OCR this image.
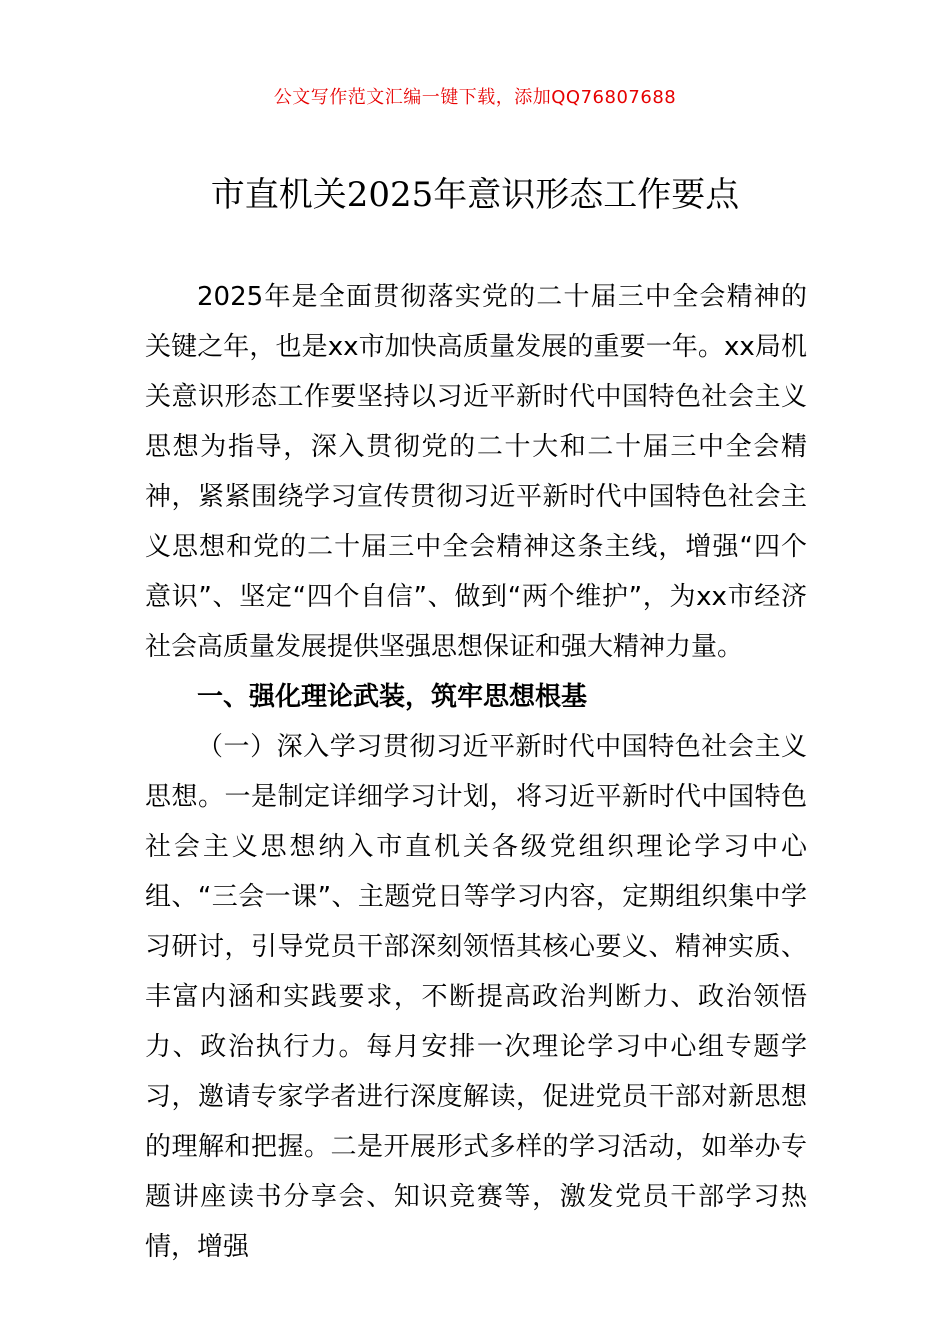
公文写作范文汇编一键下载，添加QQ76807688
市直机关2025年意识形态工作要点

2025年是全面贯彻落实党的二十届三中全会精神的关键之年，也是xx市加快高质量发展的重要一年。xx局机关意识形态工作要坚持以习近平新时代中国特色社会主义思想为指导，深入贯彻党的二十大和二十届三中全会精神，紧紧围绕学习宣传贯彻习近平新时代中国特色社会主义思想和党的二十届三中全会精神这条主线，增强“四个意识”、坚定“四个自信”、做到“两个维护”，为xx市经济社会高质量发展提供坚强思想保证和强大精神力量。

一、强化理论武装，筑牢思想根基

（一）深入学习贯彻习近平新时代中国特色社会主义思想。一是制定详细学习计划，将习近平新时代中国特色社会主义思想纳入市直机关各级党组织理论学习中心组、“三会一课”、主题党日等学习内容，定期组织集中学习研讨，引导党员干部深刻领悟其核心要义、精神实质、丰富内涵和实践要求，不断提高政治判断力、政治领悟力、政治执行力。每月安排一次理论学习中心组专题学习，邀请专家学者进行深度解读，促进党员干部对新思想的理解和把握。二是开展形式多样的学习活动，如举办专题讲座读书分享会、知识竞赛等，激发党员干部学习热情，增强
